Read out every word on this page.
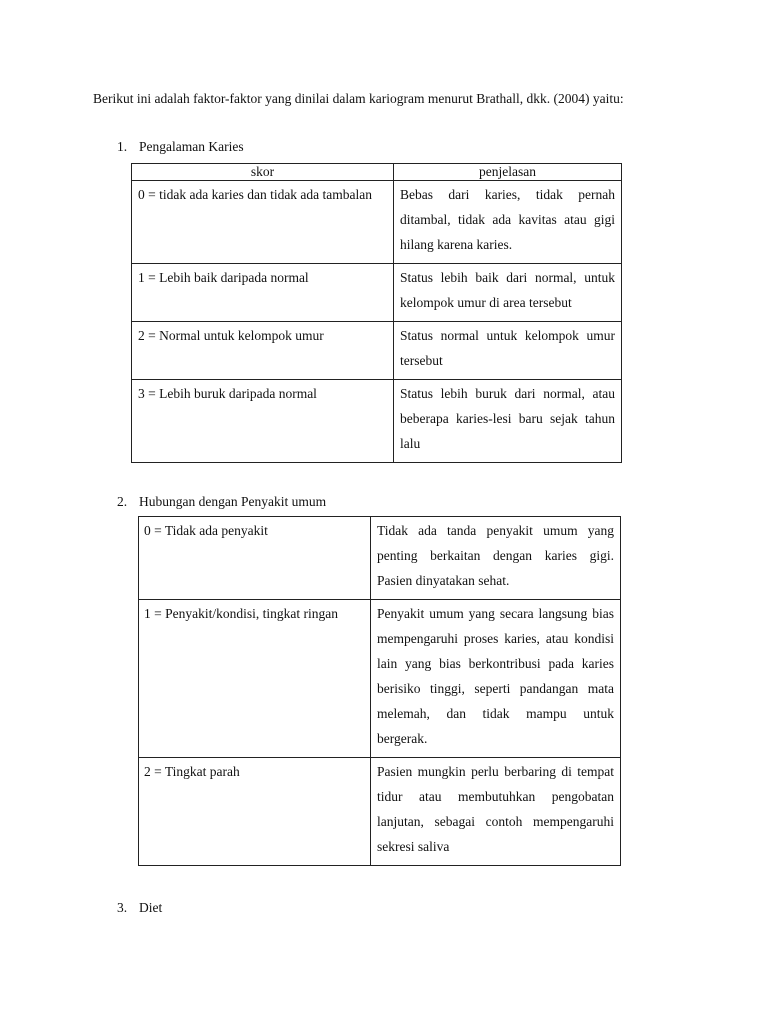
Berikut ini adalah faktor-faktor yang dinilai dalam kariogram menurut Brathall, dkk. (2004) yaitu:

1. Pengalaman Karies

skor	penjelasan
0 = tidak ada karies dan tidak ada tambalan	Bebas dari karies, tidak pernah ditambal, tidak ada kavitas atau gigi hilang karena karies.
1 = Lebih baik daripada normal	Status lebih baik dari normal, untuk kelompok umur di area tersebut
2 = Normal untuk kelompok umur	Status normal untuk kelompok umur tersebut
3 = Lebih buruk daripada normal	Status lebih buruk dari normal, atau beberapa karies-lesi baru sejak tahun lalu

2. Hubungan dengan Penyakit umum

0 = Tidak ada penyakit	Tidak ada tanda penyakit umum yang penting berkaitan dengan karies gigi. Pasien dinyatakan sehat.
1 = Penyakit/kondisi, tingkat ringan	Penyakit umum yang secara langsung bias mempengaruhi proses karies, atau kondisi lain yang bias berkontribusi pada karies berisiko tinggi, seperti pandangan mata melemah, dan tidak mampu untuk bergerak.
2 = Tingkat parah	Pasien mungkin perlu berbaring di tempat tidur atau membutuhkan pengobatan lanjutan, sebagai contoh mempengaruhi sekresi saliva

3. Diet
